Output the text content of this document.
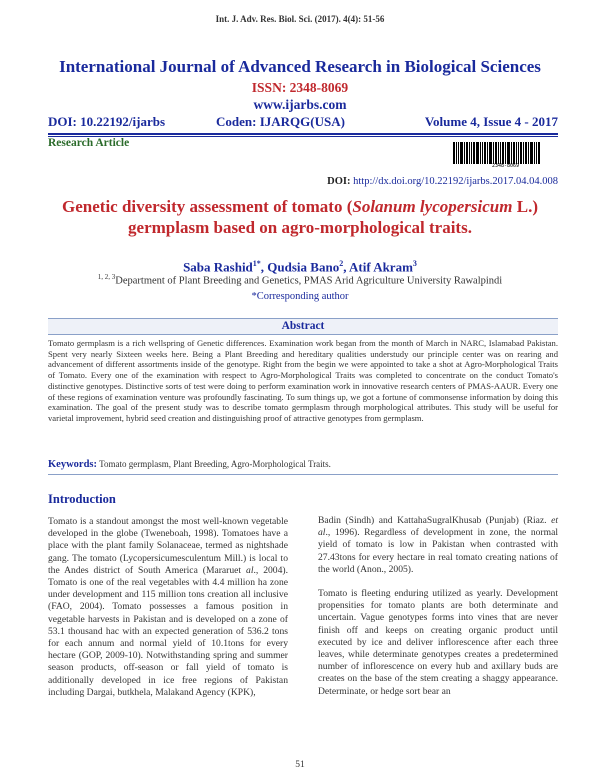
Int. J. Adv. Res. Biol. Sci. (2017). 4(4): 51-56
International Journal of Advanced Research in Biological Sciences
ISSN: 2348-8069
www.ijarbs.com
DOI: 10.22192/ijarbs	Coden: IJARQG(USA)	Volume 4, Issue 4 - 2017
Research Article
2348-8069
DOI: http://dx.doi.org/10.22192/ijarbs.2017.04.04.008
Genetic diversity assessment of tomato (Solanum lycopersicum L.)
germplasm based on agro-morphological traits.
Saba Rashid$^{1*}$, Qudsia Bano$^2$, Atif Akram$^3$
$^{1, 2, 3}$Department of Plant Breeding and Genetics, PMAS Arid Agriculture University Rawalpindi
*Corresponding author
Abstract
Tomato germplasm is a rich wellspring of Genetic differences. Examination work began from the month of March in NARC, Islamabad Pakistan. Spent very nearly Sixteen weeks here. Being a Plant Breeding and hereditary qualities understudy our principle center was on rearing and advancement of different assortments inside of the genotype. Right from the begin we were appointed to take a shot at Agro-Morphological Traits of Tomato. Every one of the examination with respect to Agro-Morphological Traits was completed to concentrate on the conduct Tomato's distinctive genotypes. Distinctive sorts of test were doing to perform examination work in innovative research centers of PMAS-AAUR. Every one of these regions of examination venture was profoundly fascinating. To sum things up, we got a fortune of commonsense information by doing this examination. The goal of the present study was to describe tomato germplasm through morphological attributes. This study will be useful for varietal improvement, hybrid seed creation and distinguishing proof of attractive genotypes from germplasm.
Keywords: Tomato germplasm, Plant Breeding, Agro-Morphological Traits.
Introduction
Tomato is a standout amongst the most well-known vegetable developed in the globe (Tweneboah, 1998). Tomatoes have a place with the plant family Solanaceae, termed as nightshade gang. The tomato (Lycopersicumesculentum Mill.) is local to the Andes district of South America (Mararuet al., 2004). Tomato is one of the real vegetables with 4.4 million ha zone under development and 115 million tons creation all inclusive (FAO, 2004). Tomato possesses a famous position in vegetable harvests in Pakistan and is developed on a zone of 53.1 thousand hac with an expected generation of 536.2 tons for each annum and normal yield of 10.1tons for every hectare (GOP, 2009-10). Notwithstanding spring and summer season products, off-season or fall yield of tomato is additionally developed in ice free regions of Pakistan including Dargai, butkhela, Malakand Agency (KPK),

Badin (Sindh) and KattahaSugralKhusab (Punjab) (Riaz. et al., 1996). Regardless of development in zone, the normal yield of tomato is low in Pakistan when contrasted with 27.43tons for every hectare in real tomato creating nations of the world (Anon., 2005).

Tomato is fleeting enduring utilized as yearly. Development propensities for tomato plants are both determinate and uncertain. Vague genotypes forms into vines that are never finish off and keeps on creating organic product until executed by ice and deliver inflorescence after each three leaves, while determinate genotypes creates a predetermined number of inflorescence on every hub and axillary buds are creates on the base of the stem creating a shaggy appearance. Determinate, or hedge sort bear an

51
